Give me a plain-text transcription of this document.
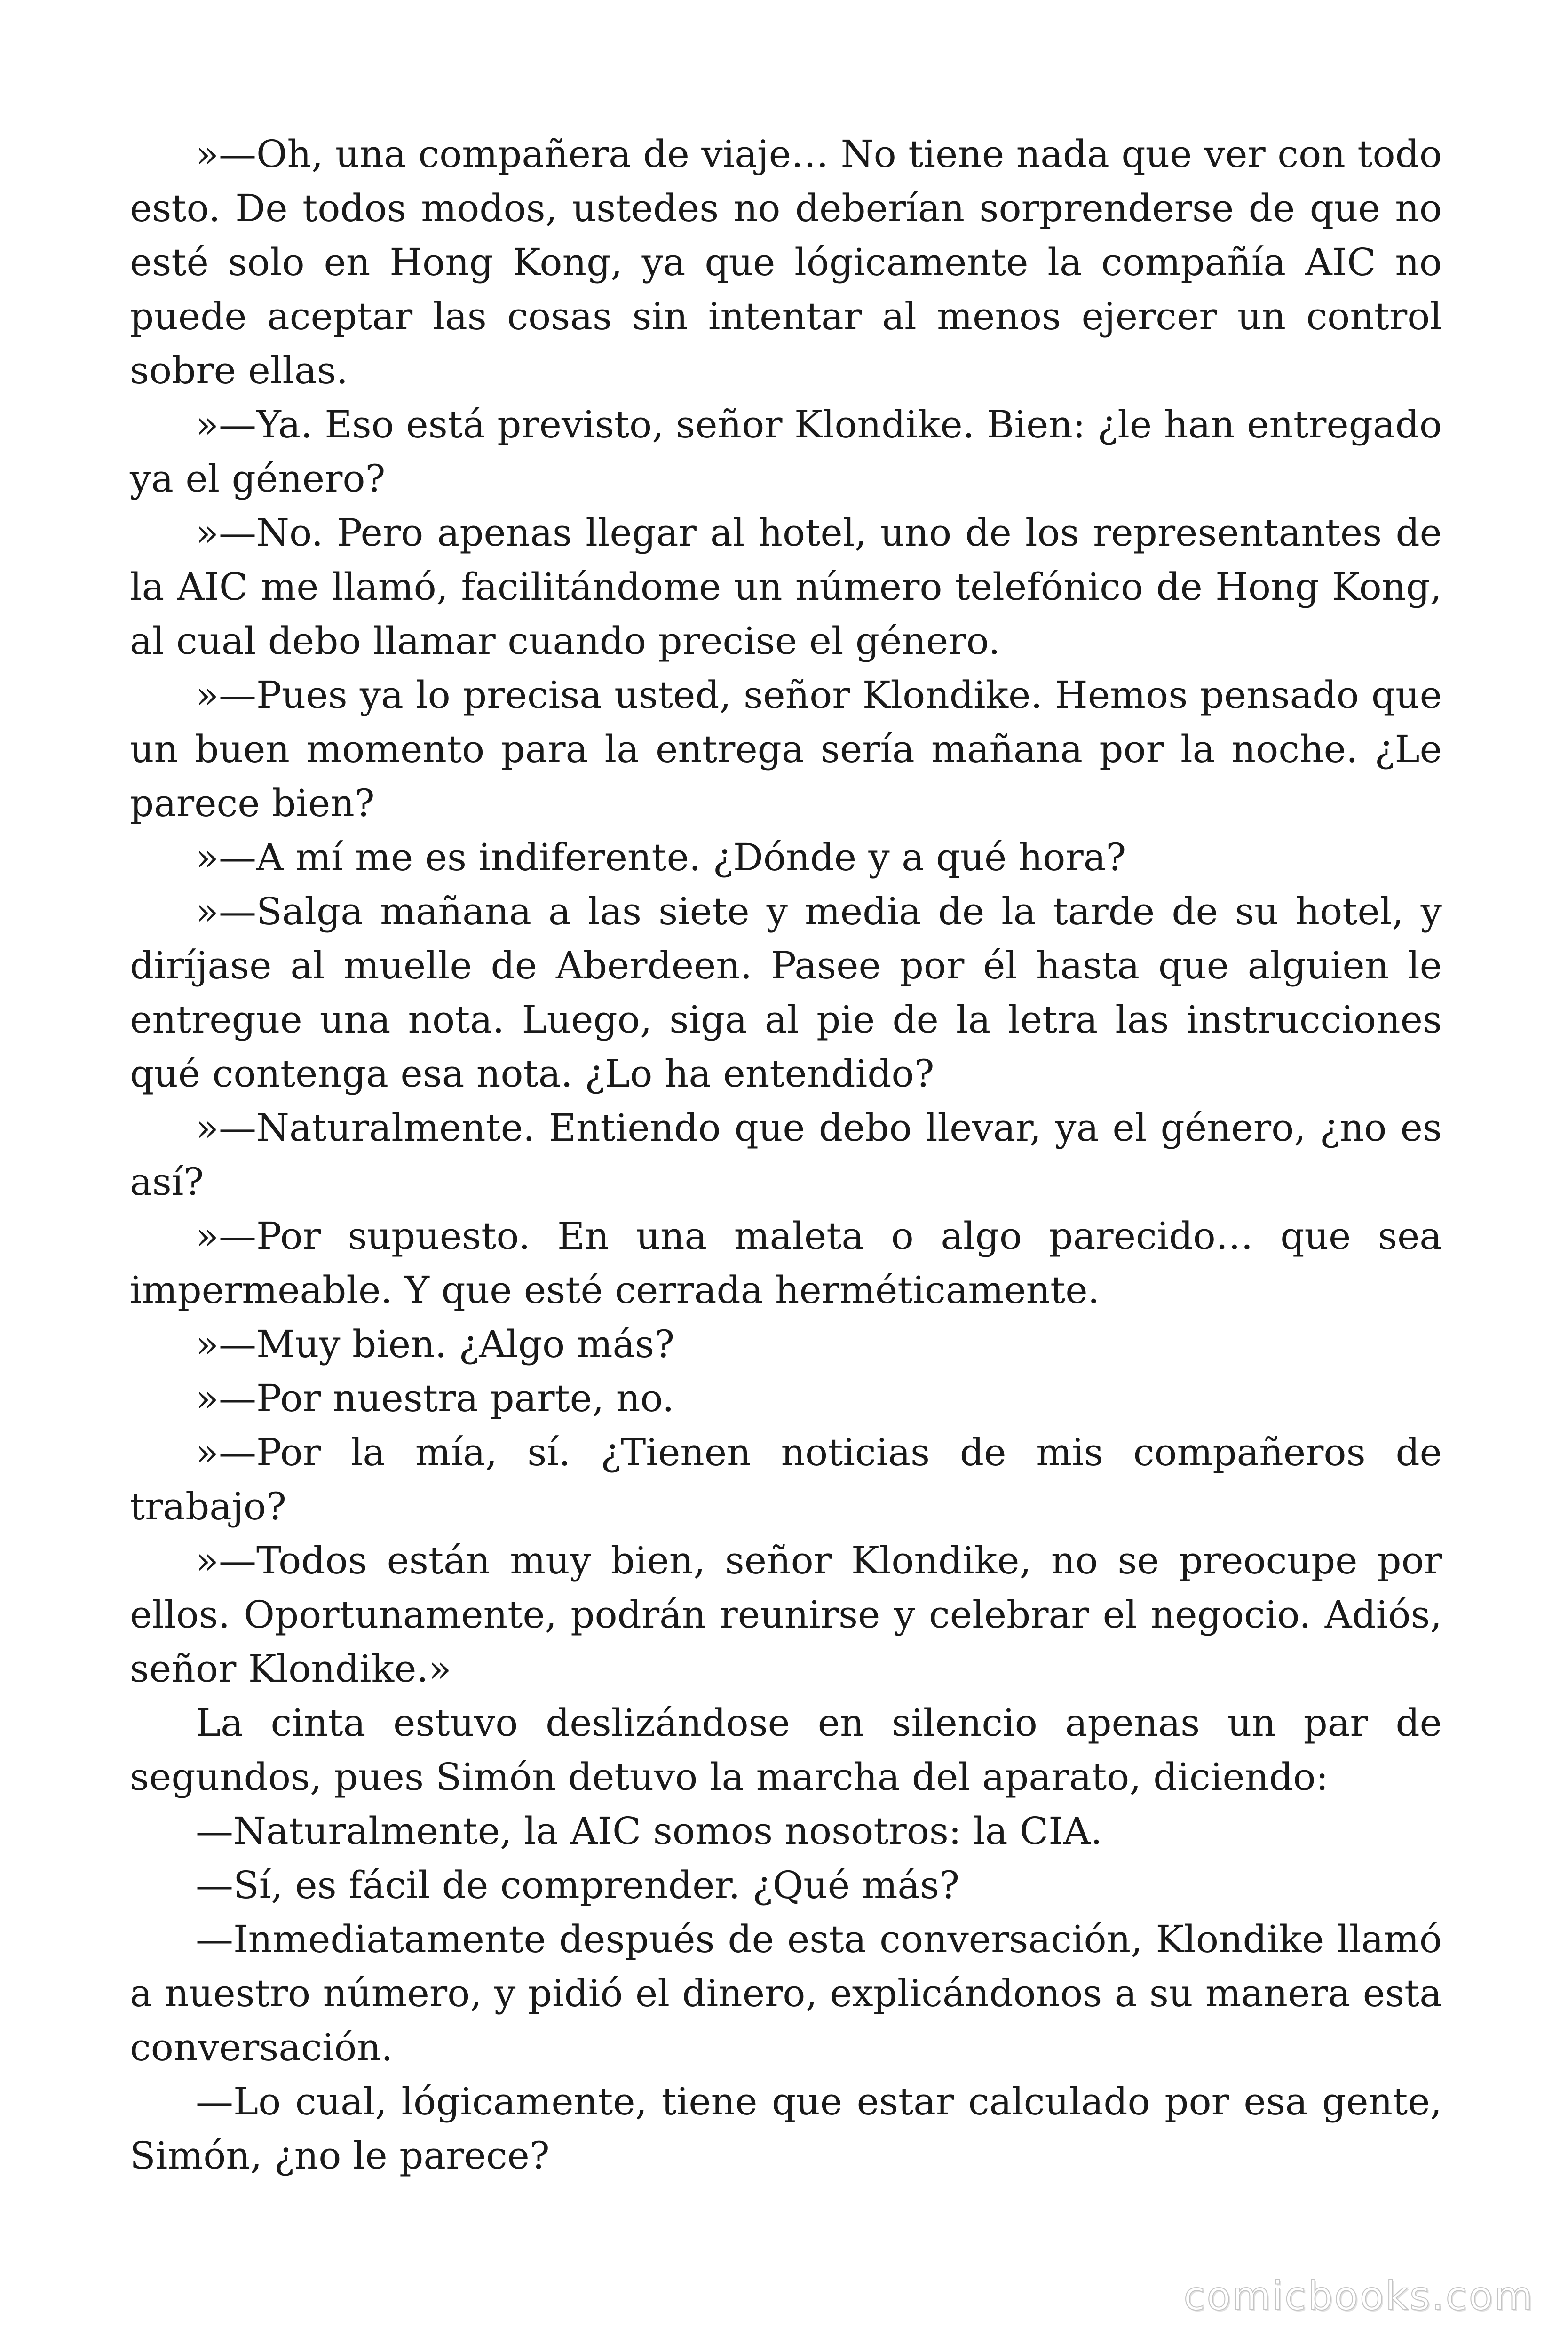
»—Oh, una compañera de viaje… No tiene nada que ver con todo esto. De todos modos, ustedes no deberían sorprenderse de que no esté solo en Hong Kong, ya que lógicamente la compañía AIC no puede aceptar las cosas sin intentar al menos ejercer un control sobre ellas.

»—Ya. Eso está previsto, señor Klondike. Bien: ¿le han entregado ya el género?

»—No. Pero apenas llegar al hotel, uno de los representantes de la AIC me llamó, facilitándome un número telefónico de Hong Kong, al cual debo llamar cuando precise el género.

»—Pues ya lo precisa usted, señor Klondike. Hemos pensado que un buen momento para la entrega sería mañana por la noche. ¿Le parece bien?

»—A mí me es indiferente. ¿Dónde y a qué hora?

»—Salga mañana a las siete y media de la tarde de su hotel, y diríjase al muelle de Aberdeen. Pasee por él hasta que alguien le entregue una nota. Luego, siga al pie de la letra las instrucciones qué contenga esa nota. ¿Lo ha entendido?

»—Naturalmente. Entiendo que debo llevar, ya el género, ¿no es así?

»—Por supuesto. En una maleta o algo parecido… que sea impermeable. Y que esté cerrada herméticamente.

»—Muy bien. ¿Algo más?

»—Por nuestra parte, no.

»—Por la mía, sí. ¿Tienen noticias de mis compañeros de trabajo?

»—Todos están muy bien, señor Klondike, no se preocupe por ellos. Oportunamente, podrán reunirse y celebrar el negocio. Adiós, señor Klondike.»

La cinta estuvo deslizándose en silencio apenas un par de segundos, pues Simón detuvo la marcha del aparato, diciendo:

—Naturalmente, la AIC somos nosotros: la CIA.

—Sí, es fácil de comprender. ¿Qué más?

—Inmediatamente después de esta conversación, Klondike llamó a nuestro número, y pidió el dinero, explicándonos a su manera esta conversación.

—Lo cual, lógicamente, tiene que estar calculado por esa gente, Simón, ¿no le parece?

comicbooks.com
